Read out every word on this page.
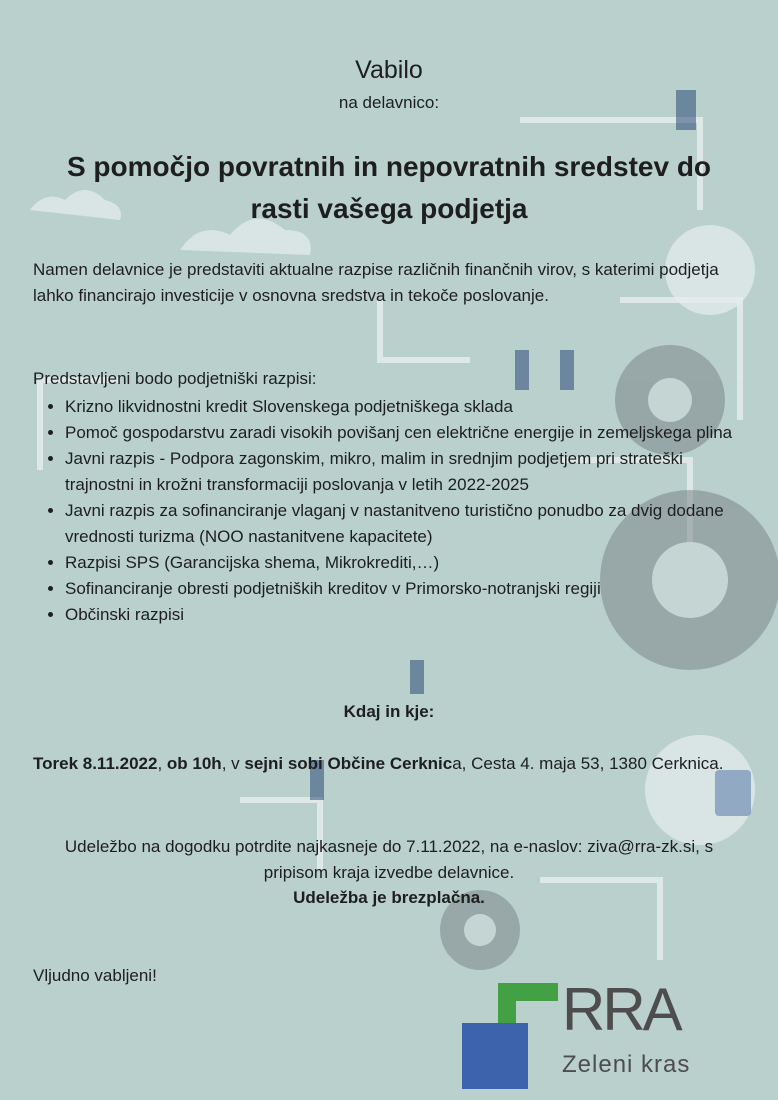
Vabilo
na delavnico:
S pomočjo povratnih in nepovratnih sredstev do rasti vašega podjetja

Namen delavnice je predstaviti aktualne razpise različnih finančnih virov, s katerimi podjetja lahko financirajo investicije v osnovna sredstva in tekoče poslovanje.

Predstavljeni bodo podjetniški razpisi:

• Krizno likvidnostni kredit Slovenskega podjetniškega sklada
• Pomoč gospodarstvu zaradi visokih povišanj cen električne energije in zemeljskega plina
• Javni razpis - Podpora zagonskim, mikro, malim in srednjim podjetjem pri strateški trajnostni in krožni transformaciji poslovanja v letih 2022-2025
• Javni razpis za sofinanciranje vlaganj v nastanitveno turistično ponudbo za dvig dodane vrednosti turizma (NOO nastanitvene kapacitete)
• Razpisi SPS (Garancijska shema, Mikrokrediti,…)
• Sofinanciranje obresti podjetniških kreditov v Primorsko-notranjski regiji
• Občinski razpisi
Kdaj in kje:

Torek 8.11.2022, ob 10h, v sejni sobi Občine Cerknica, Cesta 4. maja 53, 1380 Cerknica.

Udeležbo na dogodku potrdite najkasneje do 7.11.2022, na e-naslov: ziva@rra-zk.si, s pripisom kraja izvedbe delavnice.

Udeležba je brezplačna.
Vljudno vabljeni!
RRA
Zeleni kras
